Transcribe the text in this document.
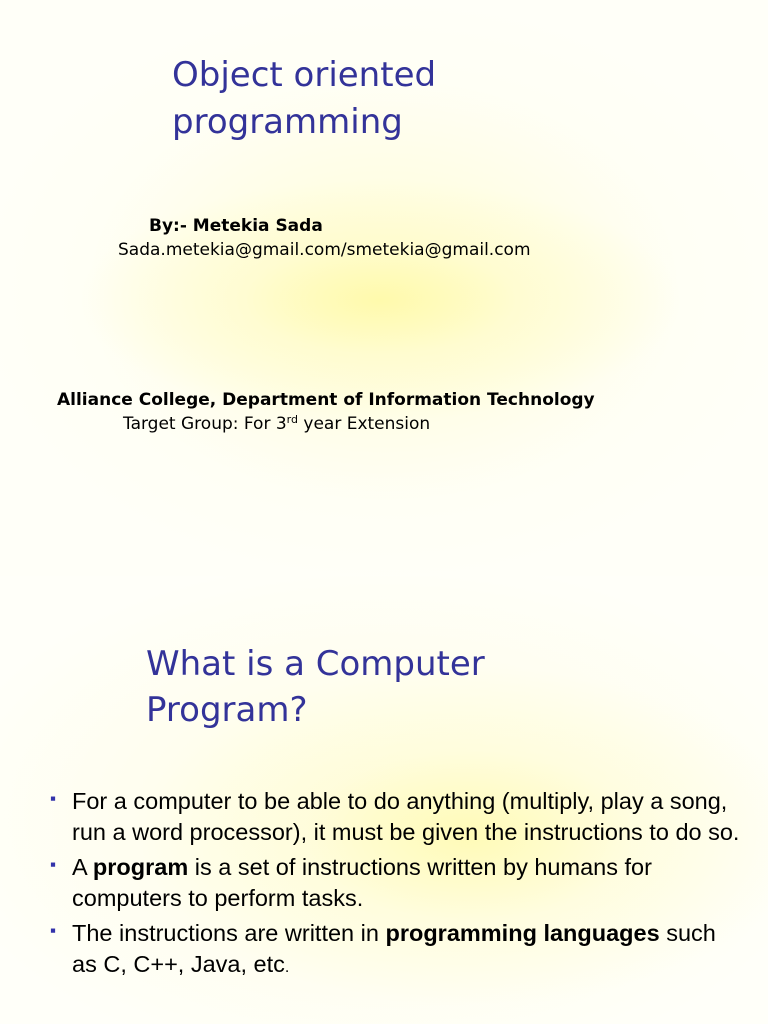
Object oriented programming
By:- Metekia Sada
Sada.metekia@gmail.com/smetekia@gmail.com
Alliance College, Department of Information Technology
Target Group: For 3rd year Extension
What is a Computer Program?
▪ For a computer to be able to do anything (multiply, play a song, run a word processor), it must be given the instructions to do so.
▪ A program is a set of instructions written by humans for computers to perform tasks.
▪ The instructions are written in programming languages such as C, C++, Java, etc.
